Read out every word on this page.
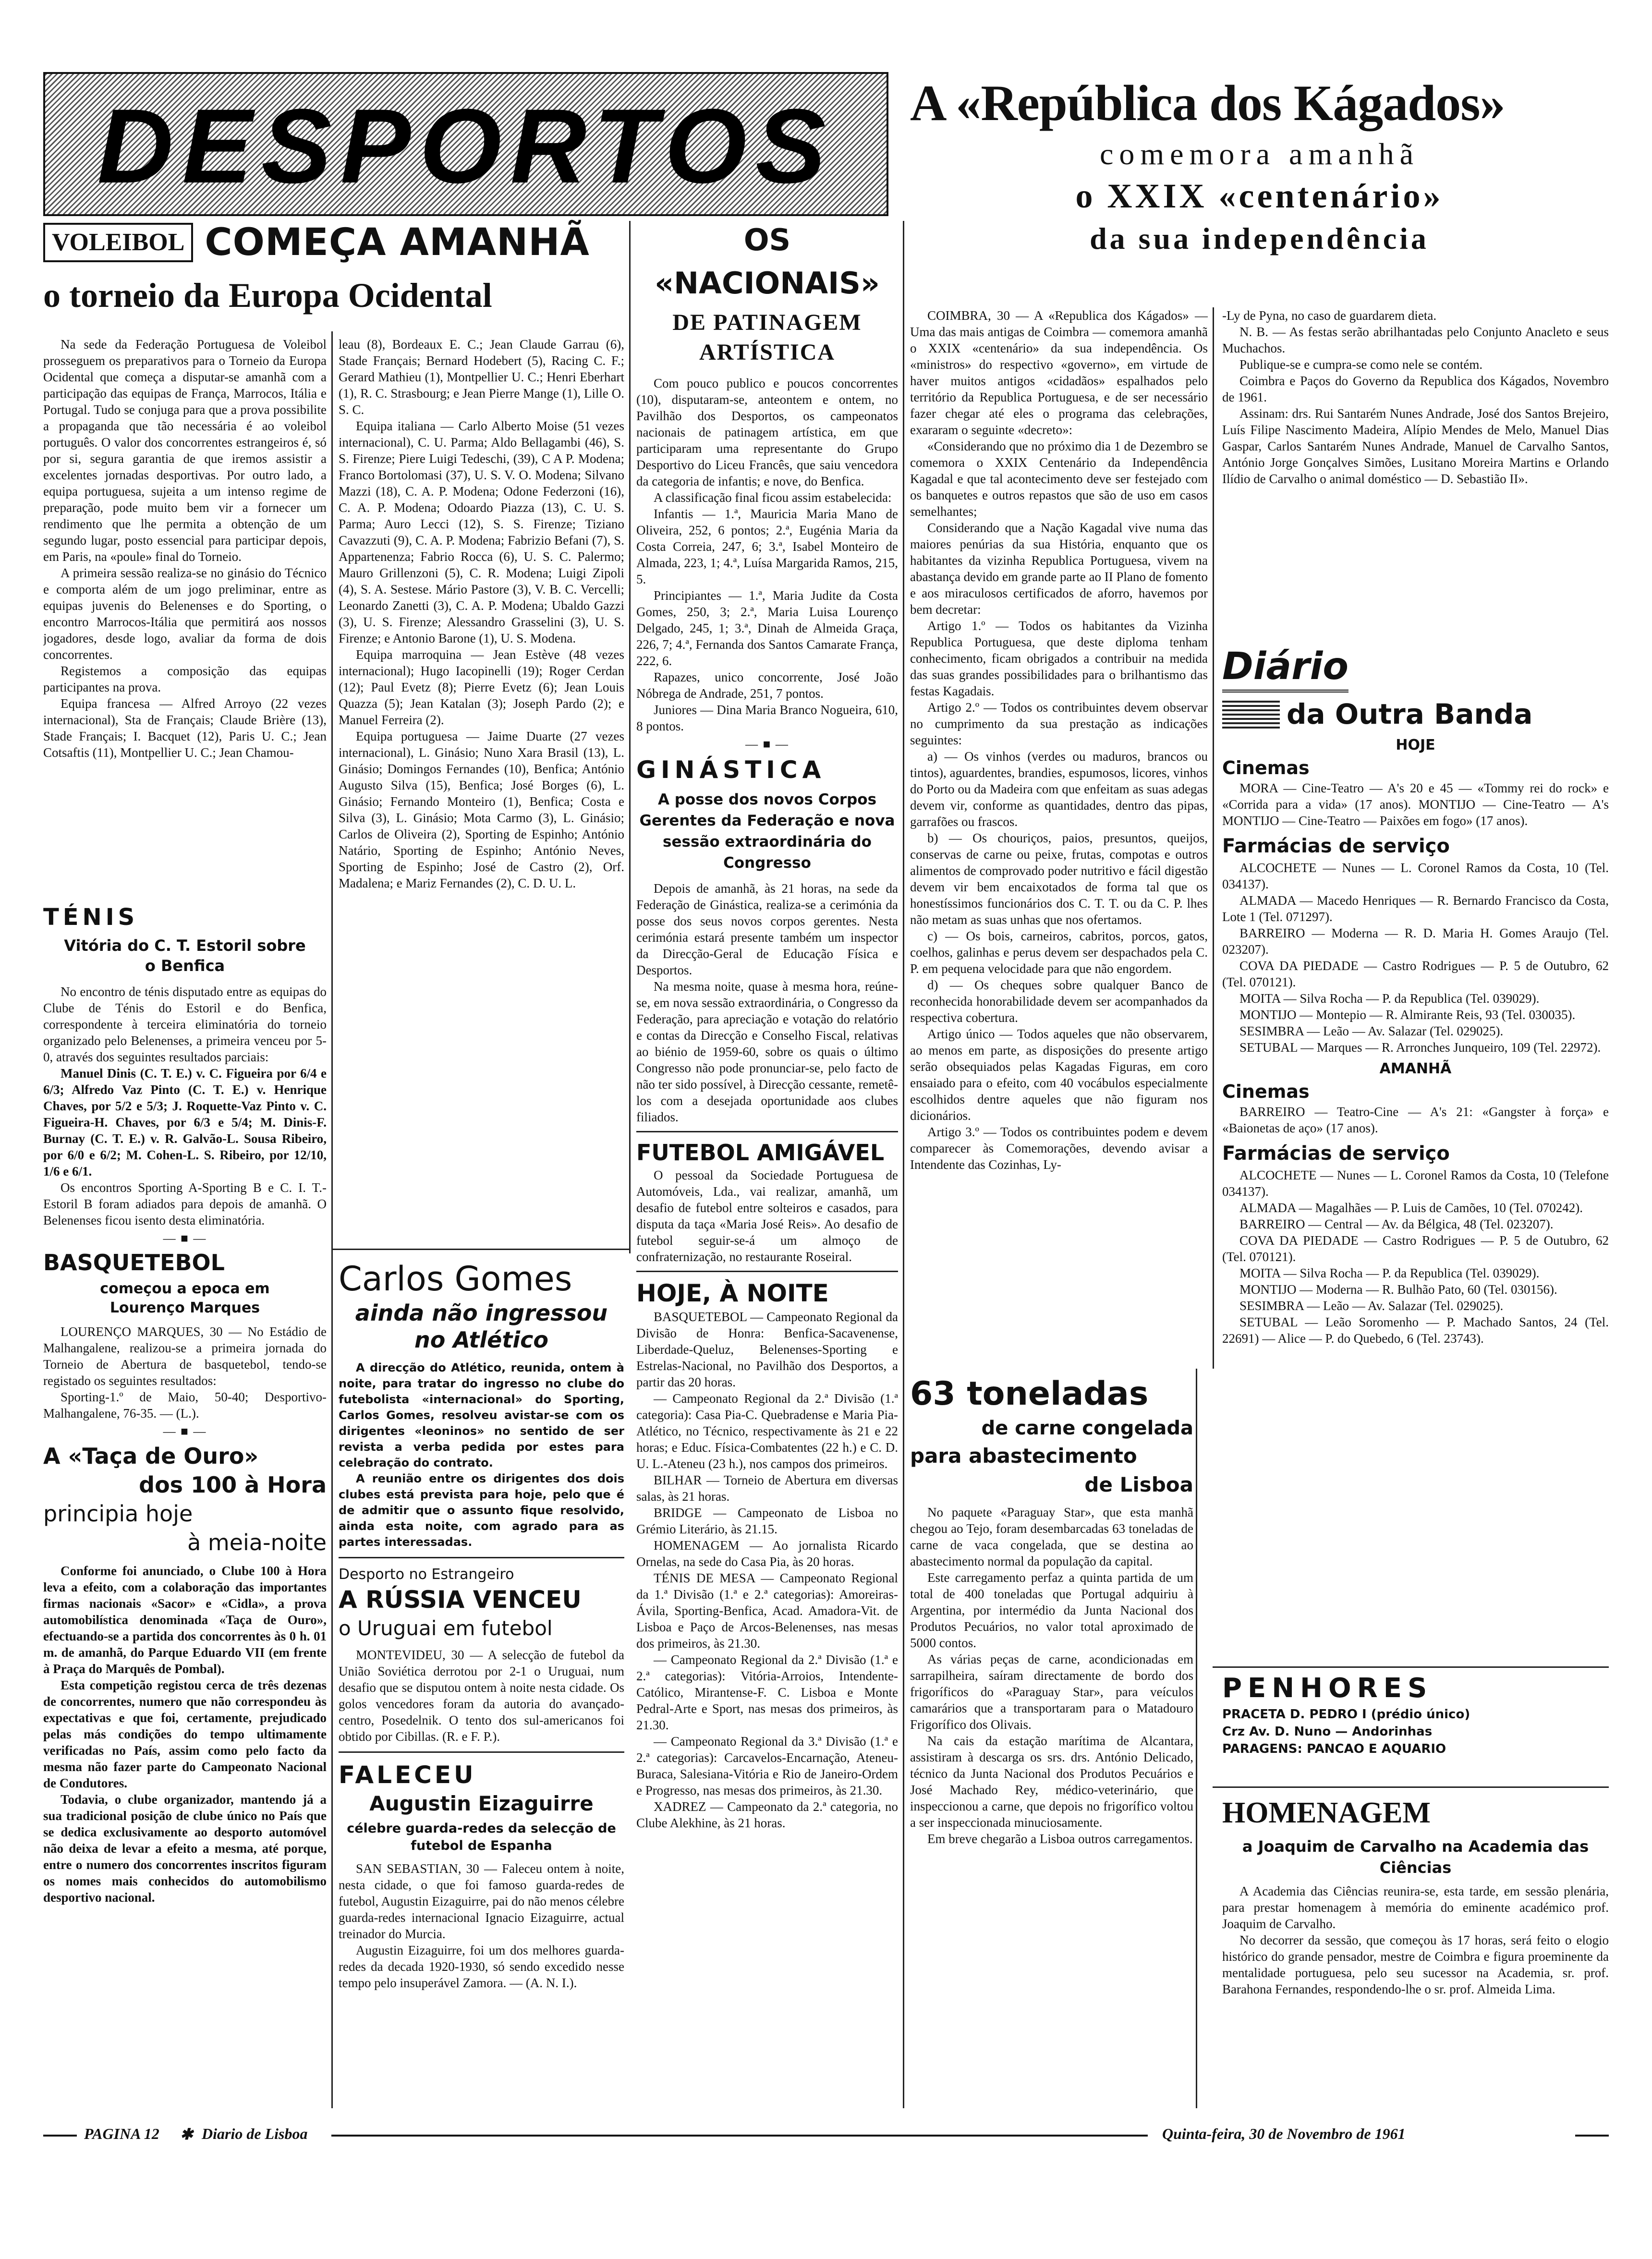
DESPORTOS
VOLEIBOL COMEÇA AMANHÃ
o torneio da Europa Ocidental

Na sede da Federação Portuguesa de Voleibol prosseguem os preparativos para o Torneio da Europa Ocidental que começa a disputar-se amanhã com a participação das equipas de França, Marrocos, Itália e Portugal. Tudo se conjuga para que a prova possibilite a propaganda que tão necessária é ao voleibol português. O valor dos concorrentes estrangeiros é, só por si, segura garantia de que iremos assistir a excelentes jornadas desportivas. Por outro lado, a equipa portuguesa, sujeita a um intenso regime de preparação, pode muito bem vir a fornecer um rendimento que lhe permita a obtenção de um segundo lugar, posto essencial para participar depois, em Paris, na «poule» final do Torneio.

A primeira sessão realiza-se no ginásio do Técnico e comporta além de um jogo preliminar, entre as equipas juvenis do Belenenses e do Sporting, o encontro Marrocos-Itália que permitirá aos nossos jogadores, desde logo, avaliar da forma de dois concorrentes.

Registemos a composição das equipas participantes na prova.

Equipa francesa — Alfred Arroyo (22 vezes internacional), Sta de Français; Claude Brière (13), Stade Français; I. Bacquet (12), Paris U. C.; Jean Cotsaftis (11), Montpellier U. C.; Jean Chamou-

leau (8), Bordeaux E. C.; Jean Claude Garrau (6), Stade Français; Bernard Hodebert (5), Racing C. F.; Gerard Mathieu (1), Montpellier U. C.; Henri Eberhart (1), R. C. Strasbourg; e Jean Pierre Mange (1), Lille O. S. C.

Equipa italiana — Carlo Alberto Moise (51 vezes internacional), C. U. Parma; Aldo Bellagambi (46), S. S. Firenze; Piere Luigi Tedeschi, (39), C A P. Modena; Franco Bortolomasi (37), U. S. V. O. Modena; Silvano Mazzi (18), C. A. P. Modena; Odone Federzoni (16), C. A. P. Modena; Odoardo Piazza (13), C. U. S. Parma; Auro Lecci (12), S. S. Firenze; Tiziano Cavazzuti (9), C. A. P. Modena; Fabrizio Befani (7), S. Appartenenza; Fabrio Rocca (6), U. S. C. Palermo; Mauro Grillenzoni (5), C. R. Modena; Luigi Zipoli (4), S. A. Sestese. Mário Pastore (3), V. B. C. Vercelli; Leonardo Zanetti (3), C. A. P. Modena; Ubaldo Gazzi (3), U. S. Firenze; Alessandro Grasselini (3), U. S. Firenze; e Antonio Barone (1), U. S. Modena.

Equipa marroquina — Jean Estève (48 vezes internacional); Hugo Iacopinelli (19); Roger Cerdan (12); Paul Evetz (8); Pierre Evetz (6); Jean Louis Quazza (5); Jean Katalan (3); Joseph Pardo (2); e Manuel Ferreira (2).

Equipa portuguesa — Jaime Duarte (27 vezes internacional), L. Ginásio; Nuno Xara Brasil (13), L. Ginásio; Domingos Fernandes (10), Benfica; António Augusto Silva (15), Benfica; José Borges (6), L. Ginásio; Fernando Monteiro (1), Benfica; Costa e Silva (3), L. Ginásio; Mota Carmo (3), L. Ginásio; Carlos de Oliveira (2), Sporting de Espinho; António Natário, Sporting de Espinho; António Neves, Sporting de Espinho; José de Castro (2), Orf. Madalena; e Mariz Fernandes (2), C. D. U. L.

TÉNIS
Vitória do C. T. Estoril sobre o Benfica

No encontro de ténis disputado entre as equipas do Clube de Ténis do Estoril e do Benfica, correspondente à terceira eliminatória do torneio organizado pelo Belenenses, a primeira venceu por 5-0, através dos seguintes resultados parciais:

Manuel Dinis (C. T. E.) v. C. Figueira por 6/4 e 6/3; Alfredo Vaz Pinto (C. T. E.) v. Henrique Chaves, por 5/2 e 5/3; J. Roquette-Vaz Pinto v. C. Figueira-H. Chaves, por 6/3 e 5/4; M. Dinis-F. Burnay (C. T. E.) v. R. Galvão-L. Sousa Ribeiro, por 6/0 e 6/2; M. Cohen-L. S. Ribeiro, por 12/10, 1/6 e 6/1.

Os encontros Sporting A-Sporting B e C. I. T.-Estoril B foram adiados para depois de amanhã. O Belenenses ficou isento desta eliminatória.

— ■ —
BASQUETEBOL
começou a epoca em Lourenço Marques

LOURENÇO MARQUES, 30 — No Estádio de Malhangalene, realizou-se a primeira jornada do Torneio de Abertura de basquetebol, tendo-se registado os seguintes resultados:

Sporting-1.º de Maio, 50-40; Desportivo-Malhangalene, 76-35. — (L.).

— ■ —
A «Taça de Ouro»
dos 100 à Hora
principia hoje
à meia-noite

Conforme foi anunciado, o Clube 100 à Hora leva a efeito, com a colaboração das importantes firmas nacionais «Sacor» e «Cidla», a prova automobilística denominada «Taça de Ouro», efectuando-se a partida dos concorrentes às 0 h. 01 m. de amanhã, do Parque Eduardo VII (em frente à Praça do Marquês de Pombal).

Esta competição registou cerca de três dezenas de concorrentes, numero que não correspondeu às expectativas e que foi, certamente, prejudicado pelas más condições do tempo ultimamente verificadas no País, assim como pelo facto da mesma não fazer parte do Campeonato Nacional de Condutores.

Todavia, o clube organizador, mantendo já a sua tradicional posição de clube único no País que se dedica exclusivamente ao desporto automóvel não deixa de levar a efeito a mesma, até porque, entre o numero dos concorrentes inscritos figuram os nomes mais conhecidos do automobilismo desportivo nacional.

Carlos Gomes
ainda não ingressou
no Atlético

A direcção do Atlético, reunida, ontem à noite, para tratar do ingresso no clube do futebolista «internacional» do Sporting, Carlos Gomes, resolveu avistar-se com os dirigentes «leoninos» no sentido de ser revista a verba pedida por estes para celebração do contrato.

A reunião entre os dirigentes dos dois clubes está prevista para hoje, pelo que é de admitir que o assunto fique resolvido, ainda esta noite, com agrado para as partes interessadas.

Desporto no Estrangeiro
A RÚSSIA VENCEU
o Uruguai em futebol

MONTEVIDEU, 30 — A selecção de futebol da União Soviética derrotou por 2-1 o Uruguai, num desafio que se disputou ontem à noite nesta cidade. Os golos vencedores foram da autoria do avançado-centro, Posedelnik. O tento dos sul-americanos foi obtido por Cibillas. (R. e F. P.).

FALECEU
Augustin Eizaguirre
célebre guarda-redes da selecção de futebol de Espanha

SAN SEBASTIAN, 30 — Faleceu ontem à noite, nesta cidade, o que foi famoso guarda-redes de futebol, Augustin Eizaguirre, pai do não menos célebre guarda-redes internacional Ignacio Eizaguirre, actual treinador do Murcia.

Augustin Eizaguirre, foi um dos melhores guarda-redes da decada 1920-1930, só sendo excedido nesse tempo pelo insuperável Zamora. — (A. N. I.).

OS «NACIONAIS»
DE PATINAGEM ARTÍSTICA

Com pouco publico e poucos concorrentes (10), disputaram-se, anteontem e ontem, no Pavilhão dos Desportos, os campeonatos nacionais de patinagem artística, em que participaram uma representante do Grupo Desportivo do Liceu Francês, que saiu vencedora da categoria de infantis; e nove, do Benfica.

A classificação final ficou assim estabelecida:

Infantis — 1.ª, Mauricia Maria Mano de Oliveira, 252, 6 pontos; 2.ª, Eugénia Maria da Costa Correia, 247, 6; 3.ª, Isabel Monteiro de Almada, 223, 1; 4.ª, Luísa Margarida Ramos, 215, 5.

Principiantes — 1.ª, Maria Judite da Costa Gomes, 250, 3; 2.ª, Maria Luisa Lourenço Delgado, 245, 1; 3.ª, Dinah de Almeida Graça, 226, 7; 4.ª, Fernanda dos Santos Camarate França, 222, 6.

Rapazes, unico concorrente, José João Nóbrega de Andrade, 251, 7 pontos.

Juniores — Dina Maria Branco Nogueira, 610, 8 pontos.

— ■ —
GINÁSTICA
A posse dos novos Corpos Gerentes da Federação e nova sessão extraordinária do Congresso

Depois de amanhã, às 21 horas, na sede da Federação de Ginástica, realiza-se a cerimónia da posse dos seus novos corpos gerentes. Nesta cerimónia estará presente também um inspector da Direcção-Geral de Educação Física e Desportos.

Na mesma noite, quase à mesma hora, reúne-se, em nova sessão extraordinária, o Congresso da Federação, para apreciação e votação do relatório e contas da Direcção e Conselho Fiscal, relativas ao biénio de 1959-60, sobre os quais o último Congresso não pode pronunciar-se, pelo facto de não ter sido possível, à Direcção cessante, remetê-los com a desejada oportunidade aos clubes filiados.

FUTEBOL AMIGÁVEL

O pessoal da Sociedade Portuguesa de Automóveis, Lda., vai realizar, amanhã, um desafio de futebol entre solteiros e casados, para disputa da taça «Maria José Reis». Ao desafio de futebol seguir-se-á um almoço de confraternização, no restaurante Roseiral.

HOJE, À NOITE

BASQUETEBOL — Campeonato Regional da Divisão de Honra: Benfica-Sacavenense, Liberdade-Queluz, Belenenses-Sporting e Estrelas-Nacional, no Pavilhão dos Desportos, a partir das 20 horas.

— Campeonato Regional da 2.ª Divisão (1.ª categoria): Casa Pia-C. Quebradense e Maria Pia-Atlético, no Técnico, respectivamente às 21 e 22 horas; e Educ. Física-Combatentes (22 h.) e C. D. U. L.-Ateneu (23 h.), nos campos dos primeiros.

BILHAR — Torneio de Abertura em diversas salas, às 21 horas.

BRIDGE — Campeonato de Lisboa no Grémio Literário, às 21.15.

HOMENAGEM — Ao jornalista Ricardo Ornelas, na sede do Casa Pia, às 20 horas.

TÉNIS DE MESA — Campeonato Regional da 1.ª Divisão (1.ª e 2.ª categorias): Amoreiras-Ávila, Sporting-Benfica, Acad. Amadora-Vit. de Lisboa e Paço de Arcos-Belenenses, nas mesas dos primeiros, às 21.30.

— Campeonato Regional da 2.ª Divisão (1.ª e 2.ª categorias): Vitória-Arroios, Intendente-Católico, Mirantense-F. C. Lisboa e Monte Pedral-Arte e Sport, nas mesas dos primeiros, às 21.30.

— Campeonato Regional da 3.ª Divisão (1.ª e 2.ª categorias): Carcavelos-Encarnação, Ateneu-Buraca, Salesiana-Vitória e Rio de Janeiro-Ordem e Progresso, nas mesas dos primeiros, às 21.30.

XADREZ — Campeonato da 2.ª categoria, no Clube Alekhine, às 21 horas.

A «República dos Kágados»
comemora amanhã
o XXIX «centenário»
da sua independência

COIMBRA, 30 — A «Republica dos Kágados» — Uma das mais antigas de Coimbra — comemora amanhã o XXIX «centenário» da sua independência. Os «ministros» do respectivo «governo», em virtude de haver muitos antigos «cidadãos» espalhados pelo território da Republica Portuguesa, e de ser necessário fazer chegar até eles o programa das celebrações, exararam o seguinte «decreto»:

«Considerando que no próximo dia 1 de Dezembro se comemora o XXIX Centenário da Independência Kagadal e que tal acontecimento deve ser festejado com os banquetes e outros repastos que são de uso em casos semelhantes;

Considerando que a Nação Kagadal vive numa das maiores penúrias da sua História, enquanto que os habitantes da vizinha Republica Portuguesa, vivem na abastança devido em grande parte ao II Plano de fomento e aos miraculosos certificados de aforro, havemos por bem decretar:

Artigo 1.º — Todos os habitantes da Vizinha Republica Portuguesa, que deste diploma tenham conhecimento, ficam obrigados a contribuir na medida das suas grandes possibilidades para o brilhantismo das festas Kagadais.

Artigo 2.º — Todos os contribuintes devem observar no cumprimento da sua prestação as indicações seguintes:

a) — Os vinhos (verdes ou maduros, brancos ou tintos), aguardentes, brandies, espumosos, licores, vinhos do Porto ou da Madeira com que enfeitam as suas adegas devem vir, conforme as quantidades, dentro das pipas, garrafões ou frascos.

b) — Os chouriços, paios, presuntos, queijos, conservas de carne ou peixe, frutas, compotas e outros alimentos de comprovado poder nutritivo e fácil digestão devem vir bem encaixotados de forma tal que os honestíssimos funcionários dos C. T. T. ou da C. P. lhes não metam as suas unhas que nos ofertamos.

c) — Os bois, carneiros, cabritos, porcos, gatos, coelhos, galinhas e perus devem ser despachados pela C. P. em pequena velocidade para que não engordem.

d) — Os cheques sobre qualquer Banco de reconhecida honorabilidade devem ser acompanhados da respectiva cobertura.

Artigo único — Todos aqueles que não observarem, ao menos em parte, as disposições do presente artigo serão obsequiados pelas Kagadas Figuras, em coro ensaiado para o efeito, com 40 vocábulos especialmente escolhidos dentre aqueles que não figuram nos dicionários.

Artigo 3.º — Todos os contribuintes podem e devem comparecer às Comemorações, devendo avisar a Intendente das Cozinhas, Ly-

63 toneladas
de carne congelada
para abastecimento
de Lisboa

No paquete «Paraguay Star», que esta manhã chegou ao Tejo, foram desembarcadas 63 toneladas de carne de vaca congelada, que se destina ao abastecimento normal da população da capital.

Este carregamento perfaz a quinta partida de um total de 400 toneladas que Portugal adquiriu à Argentina, por intermédio da Junta Nacional dos Produtos Pecuários, no valor total aproximado de 5000 contos.

As várias peças de carne, acondicionadas em sarrapilheira, saíram directamente de bordo dos frigoríficos do «Paraguay Star», para veículos camarários que a transportaram para o Matadouro Frigorífico dos Olivais.

Na cais da estação marítima de Alcantara, assistiram à descarga os srs. drs. António Delicado, técnico da Junta Nacional dos Produtos Pecuários e José Machado Rey, médico-veterinário, que inspeccionou a carne, que depois no frigorífico voltou a ser inspeccionada minuciosamente.

Em breve chegarão a Lisboa outros carregamentos.

-Ly de Pyna, no caso de guardarem dieta.

N. B. — As festas serão abrilhantadas pelo Conjunto Anacleto e seus Muchachos.

Publique-se e cumpra-se como nele se contém.

Coimbra e Paços do Governo da Republica dos Kágados, Novembro de 1961.

Assinam: drs. Rui Santarém Nunes Andrade, José dos Santos Brejeiro, Luís Filipe Nascimento Madeira, Alípio Mendes de Melo, Manuel Dias Gaspar, Carlos Santarém Nunes Andrade, Manuel de Carvalho Santos, António Jorge Gonçalves Simões, Lusitano Moreira Martins e Orlando Ilídio de Carvalho o animal doméstico — D. Sebastião II».

Diário
da Outra Banda
HOJE
Cinemas

MORA — Cine-Teatro — A's 20 e 45 — «Tommy rei do rock» e «Corrida para a vida» (17 anos). MONTIJO — Cine-Teatro — A's MONTIJO — Cine-Teatro — Paixões em fogo» (17 anos).

Farmácias de serviço

ALCOCHETE — Nunes — L. Coronel Ramos da Costa, 10 (Tel. 034137).

ALMADA — Macedo Henriques — R. Bernardo Francisco da Costa, Lote 1 (Tel. 071297).

BARREIRO — Moderna — R. D. Maria H. Gomes Araujo (Tel. 023207).

COVA DA PIEDADE — Castro Rodrigues — P. 5 de Outubro, 62 (Tel. 070121).

MOITA — Silva Rocha — P. da Republica (Tel. 039029).

MONTIJO — Montepio — R. Almirante Reis, 93 (Tel. 030035).

SESIMBRA — Leão — Av. Salazar (Tel. 029025).

SETUBAL — Marques — R. Arronches Junqueiro, 109 (Tel. 22972).

AMANHÃ
Cinemas

BARREIRO — Teatro-Cine — A's 21: «Gangster à força» e «Baionetas de aço» (17 anos).

Farmácias de serviço

ALCOCHETE — Nunes — L. Coronel Ramos da Costa, 10 (Telefone 034137).

ALMADA — Magalhães — P. Luis de Camões, 10 (Tel. 070242).

BARREIRO — Central — Av. da Bélgica, 48 (Tel. 023207).

COVA DA PIEDADE — Castro Rodrigues — P. 5 de Outubro, 62 (Tel. 070121).

MOITA — Silva Rocha — P. da Republica (Tel. 039029).

MONTIJO — Moderna — R. Bulhão Pato, 60 (Tel. 030156).

SESIMBRA — Leão — Av. Salazar (Tel. 029025).

SETUBAL — Leão Soromenho — P. Machado Santos, 24 (Tel. 22691) — Alice — P. do Quebedo, 6 (Tel. 23743).

PENHORES
PRACETA D. PEDRO I (prédio único)
Crz Av. D. Nuno — Andorinhas
PARAGENS: PANCAO E AQUARIO
HOMENAGEM
a Joaquim de Carvalho na Academia das Ciências

A Academia das Ciências reunira-se, esta tarde, em sessão plenária, para prestar homenagem à memória do eminente académico prof. Joaquim de Carvalho.

No decorrer da sessão, que começou às 17 horas, será feito o elogio histórico do grande pensador, mestre de Coimbra e figura proeminente da mentalidade portuguesa, pelo seu sucessor na Academia, sr. prof. Barahona Fernandes, respondendo-lhe o sr. prof. Almeida Lima.

PAGINA 12 ✱ Diario de Lisboa	Quinta-feira, 30 de Novembro de 1961
